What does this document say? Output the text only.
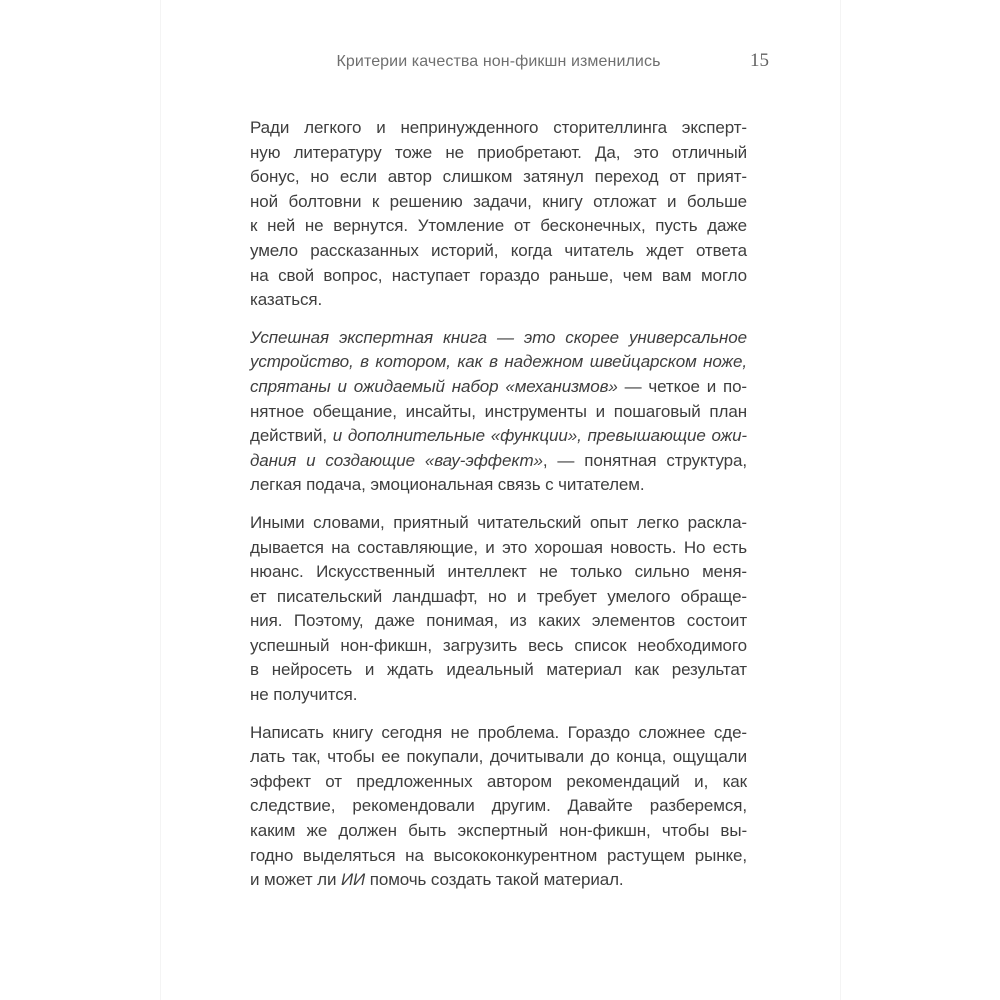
Критерии качества нон-фикшн изменились	15
Ради легкого и непринужденного сторителлинга эксперт-
ную литературу тоже не приобретают. Да, это отличный
бонус, но если автор слишком затянул переход от прият-
ной болтовни к решению задачи, книгу отложат и больше
к ней не вернутся. Утомление от бесконечных, пусть даже
умело рассказанных историй, когда читатель ждет ответа
на свой вопрос, наступает гораздо раньше, чем вам могло
казаться.
Успешная экспертная книга — это скорее универсальное
устройство, в котором, как в надежном швейцарском ноже,
спрятаны и ожидаемый набор «механизмов» — четкое и по-
нятное обещание, инсайты, инструменты и пошаговый план
действий, и дополнительные «функции», превышающие ожи-
дания и создающие «вау-эффект», — понятная структура,
легкая подача, эмоциональная связь с читателем.
Иными словами, приятный читательский опыт легко раскла-
дывается на составляющие, и это хорошая новость. Но есть
нюанс. Искусственный интеллект не только сильно меня-
ет писательский ландшафт, но и требует умелого обраще-
ния. Поэтому, даже понимая, из каких элементов состоит
успешный нон-фикшн, загрузить весь список необходимого
в нейросеть и ждать идеальный материал как результат
не получится.
Написать книгу сегодня не проблема. Гораздо сложнее сде-
лать так, чтобы ее покупали, дочитывали до конца, ощущали
эффект от предложенных автором рекомендаций и, как
следствие, рекомендовали другим. Давайте разберемся,
каким же должен быть экспертный нон-фикшн, чтобы вы-
годно выделяться на высококонкурентном растущем рынке,
и может ли ИИ помочь создать такой материал.
